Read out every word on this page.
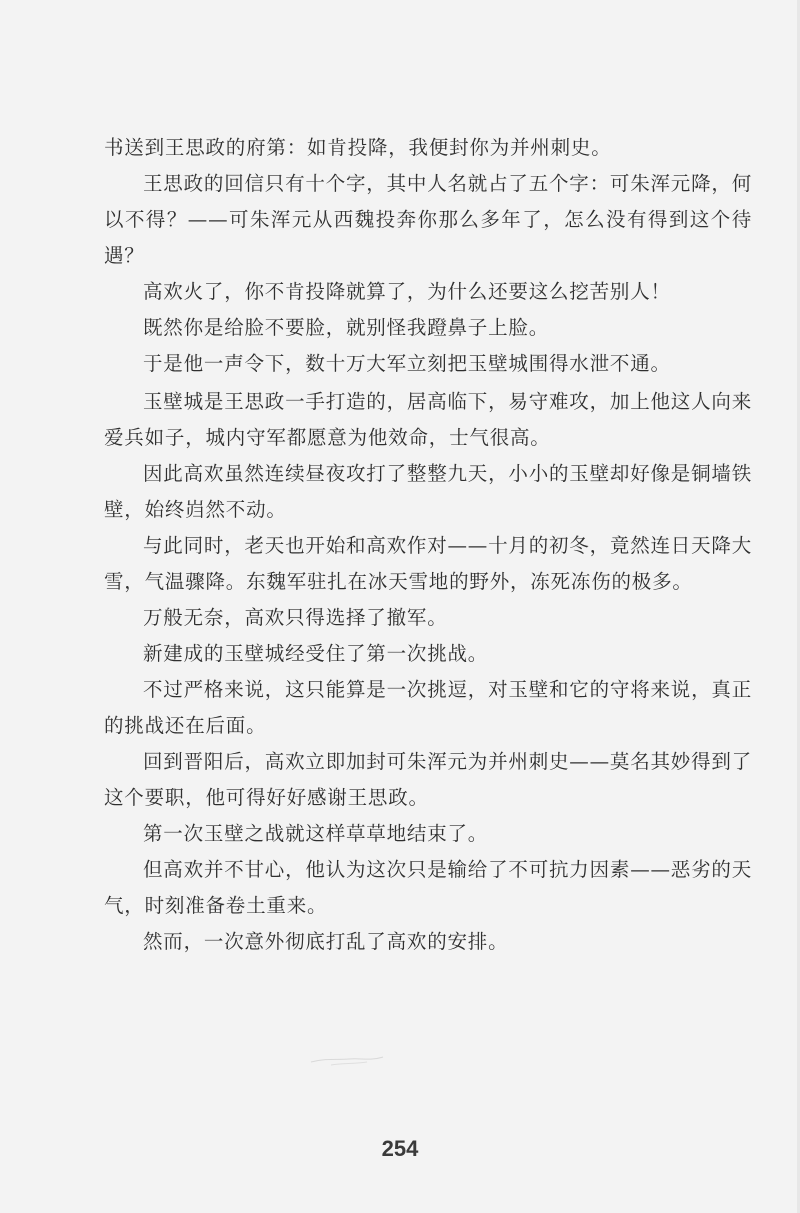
书送到王思政的府第：如肯投降，我便封你为并州刺史。

王思政的回信只有十个字，其中人名就占了五个字：可朱浑元降，何以不得？——可朱浑元从西魏投奔你那么多年了，怎么没有得到这个待遇？

高欢火了，你不肯投降就算了，为什么还要这么挖苦别人！

既然你是给脸不要脸，就别怪我蹬鼻子上脸。

于是他一声令下，数十万大军立刻把玉壁城围得水泄不通。

玉壁城是王思政一手打造的，居高临下，易守难攻，加上他这人向来爱兵如子，城内守军都愿意为他效命，士气很高。

因此高欢虽然连续昼夜攻打了整整九天，小小的玉壁却好像是铜墙铁壁，始终岿然不动。

与此同时，老天也开始和高欢作对——十月的初冬，竟然连日天降大雪，气温骤降。东魏军驻扎在冰天雪地的野外，冻死冻伤的极多。

万般无奈，高欢只得选择了撤军。

新建成的玉壁城经受住了第一次挑战。

不过严格来说，这只能算是一次挑逗，对玉壁和它的守将来说，真正的挑战还在后面。

回到晋阳后，高欢立即加封可朱浑元为并州刺史——莫名其妙得到了这个要职，他可得好好感谢王思政。

第一次玉壁之战就这样草草地结束了。

但高欢并不甘心，他认为这次只是输给了不可抗力因素——恶劣的天气，时刻准备卷土重来。

然而，一次意外彻底打乱了高欢的安排。

254
